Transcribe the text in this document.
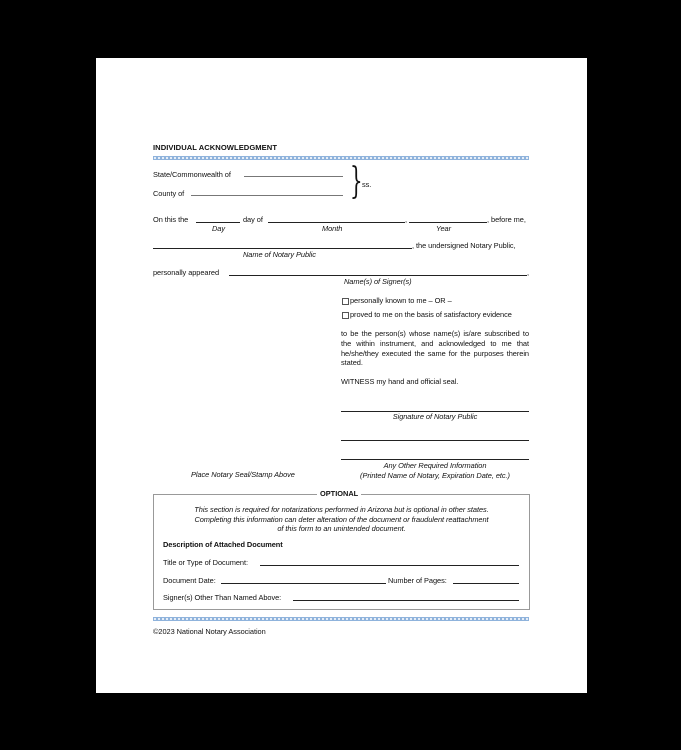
INDIVIDUAL ACKNOWLEDGMENT
State/Commonwealth of
County of	} ss.
On this the	day of	,	, before me,
Day	Month	Year
, the undersigned Notary Public,
Name of Notary Public
personally appeared	,
Name(s) of Signer(s)
personally known to me – OR –
proved to me on the basis of satisfactory evidence
to be the person(s) whose name(s) is/are subscribed to the within instrument, and acknowledged to me that he/she/they executed the same for the purposes therein stated.
WITNESS my hand and official seal.
Signature of Notary Public
Any Other Required Information
(Printed Name of Notary, Expiration Date, etc.)
Place Notary Seal/Stamp Above
OPTIONAL
This section is required for notarizations performed in Arizona but is optional in other states.
Completing this information can deter alteration of the document or fraudulent reattachment
of this form to an unintended document.
Description of Attached Document
Title or Type of Document:
Document Date:	Number of Pages:
Signer(s) Other Than Named Above:
©2023 National Notary Association
